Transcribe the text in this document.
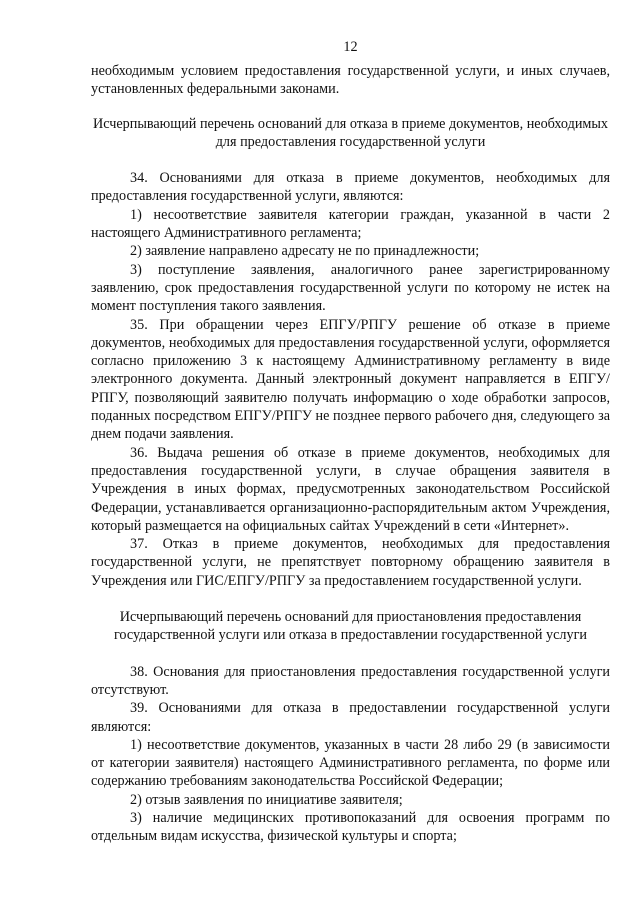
12

необходимым условием предоставления государственной услуги, и иных случаев, установленных федеральными законами.

Исчерпывающий перечень оснований для отказа в приеме документов, необходимых для предоставления государственной услуги

34. Основаниями для отказа в приеме документов, необходимых для предоставления государственной услуги, являются:

1) несоответствие заявителя категории граждан, указанной в части 2 настоящего Административного регламента;

2) заявление направлено адресату не по принадлежности;

3) поступление заявления, аналогичного ранее зарегистрированному заявлению, срок предоставления государственной услуги по которому не истек на момент поступления такого заявления.

35. При обращении через ЕПГУ/РПГУ решение об отказе в приеме документов, необходимых для предоставления государственной услуги, оформляется согласно приложению 3 к настоящему Административному регламенту в виде электронного документа. Данный электронный документ направляется в ЕПГУ/РПГУ, позволяющий заявителю получать информацию о ходе обработки запросов, поданных посредством ЕПГУ/РПГУ не позднее первого рабочего дня, следующего за днем подачи заявления.

36. Выдача решения об отказе в приеме документов, необходимых для предоставления государственной услуги, в случае обращения заявителя в Учреждения в иных формах, предусмотренных законодательством Российской Федерации, устанавливается организационно-распорядительным актом Учреждения, который размещается на официальных сайтах Учреждений в сети «Интернет».

37. Отказ в приеме документов, необходимых для предоставления государственной услуги, не препятствует повторному обращению заявителя в Учреждения или ГИС/ЕПГУ/РПГУ за предоставлением государственной услуги.

Исчерпывающий перечень оснований для приостановления предоставления государственной услуги или отказа в предоставлении государственной услуги

38. Основания для приостановления предоставления государственной услуги отсутствуют.

39. Основаниями для отказа в предоставлении государственной услуги являются:

1) несоответствие документов, указанных в части 28 либо 29 (в зависимости от категории заявителя) настоящего Административного регламента, по форме или содержанию требованиям законодательства Российской Федерации;

2) отзыв заявления по инициативе заявителя;

3) наличие медицинских противопоказаний для освоения программ по отдельным видам искусства, физической культуры и спорта;
